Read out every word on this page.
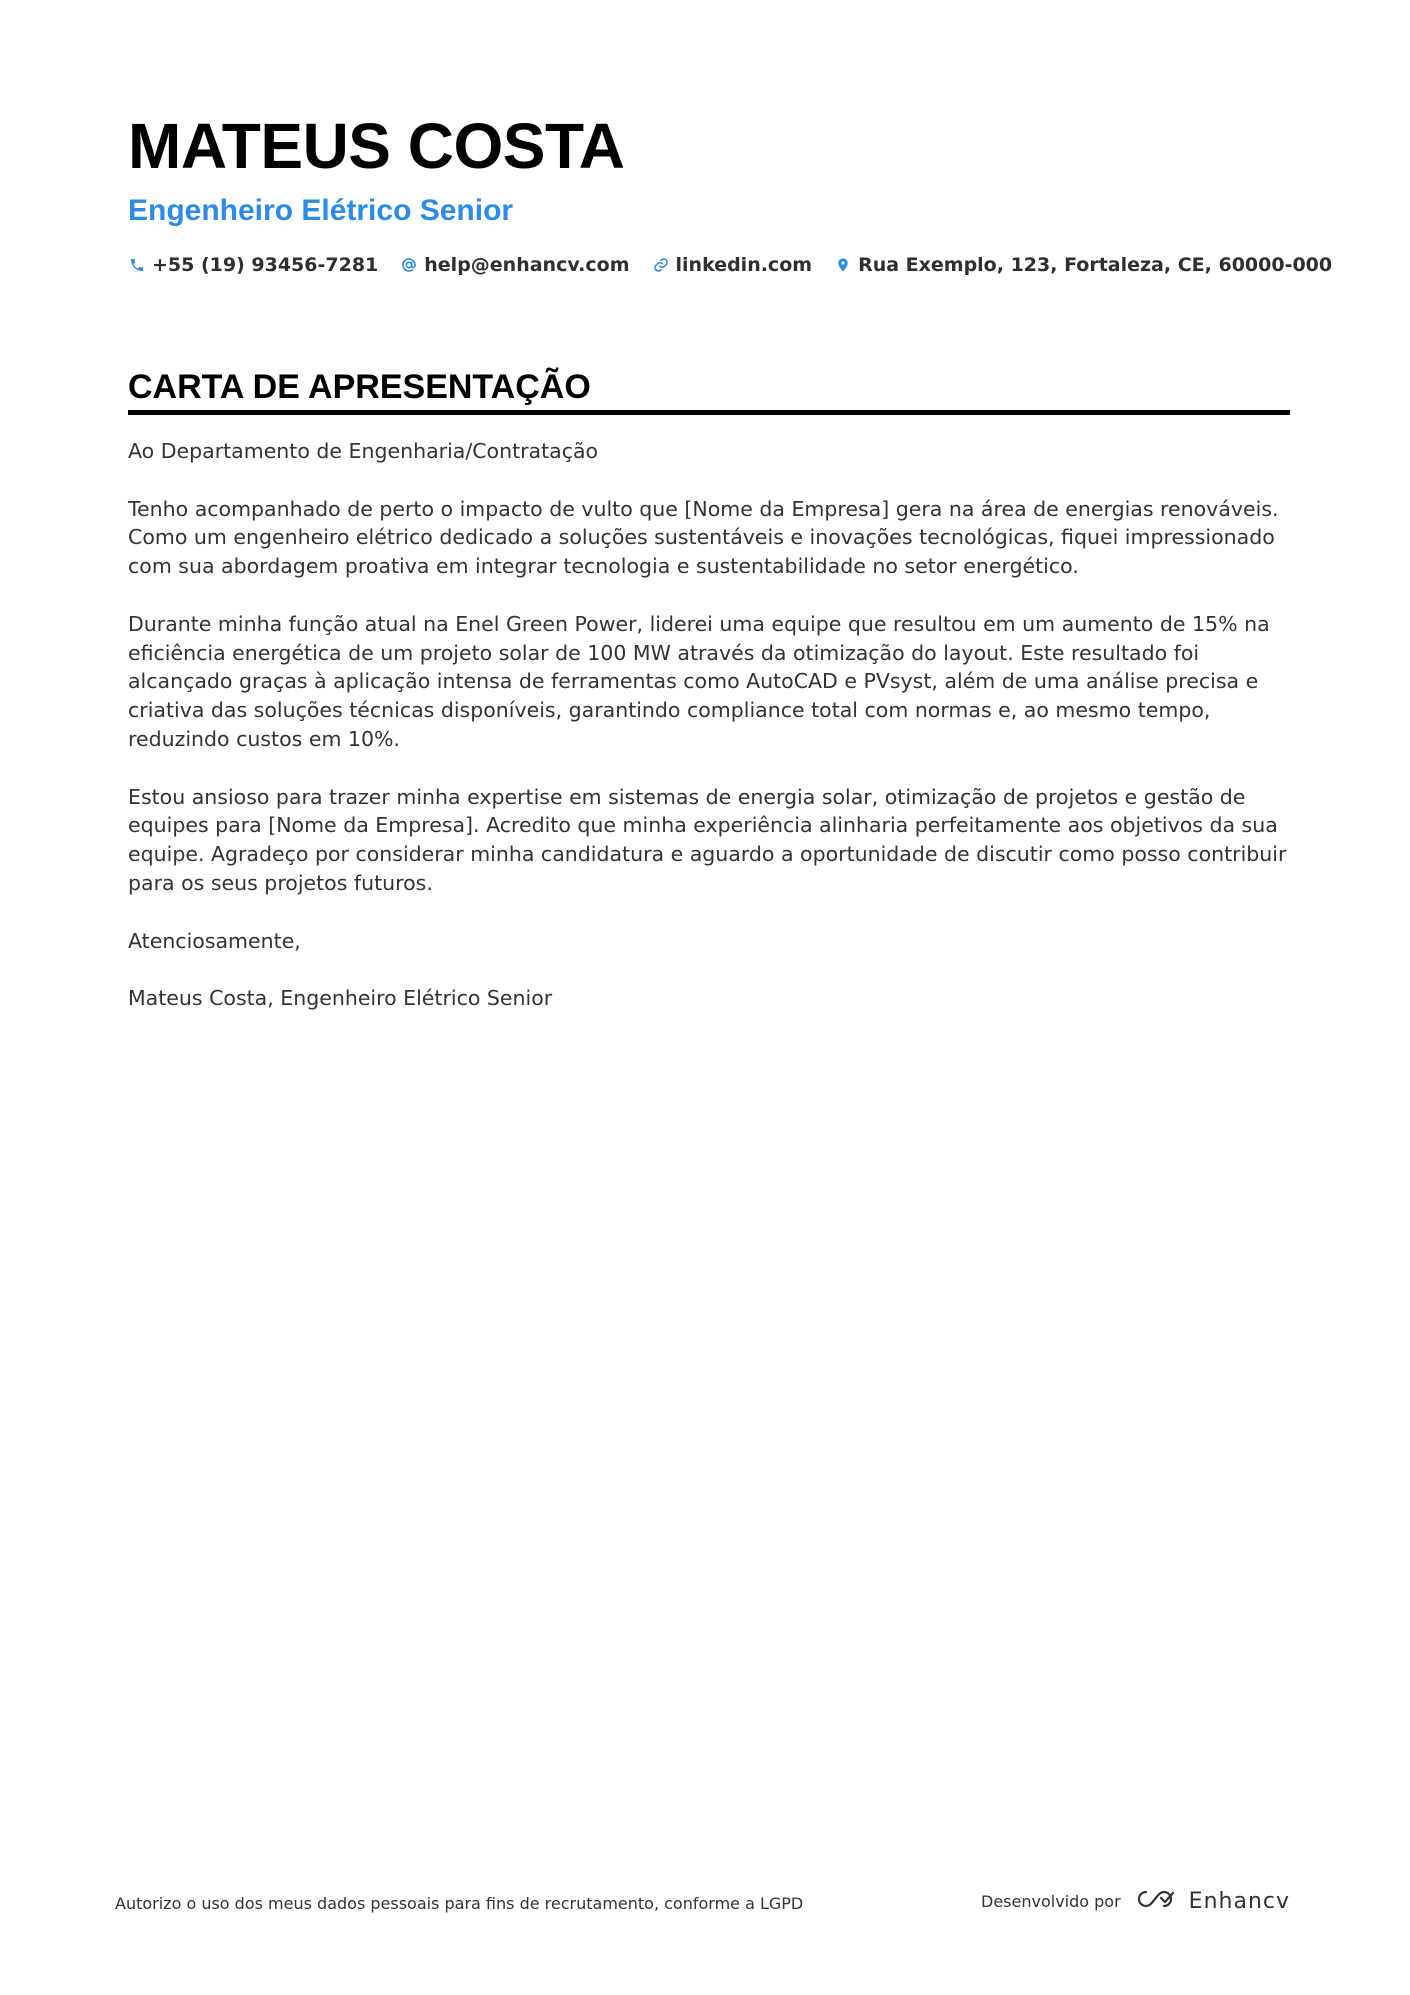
MATEUS COSTA
Engenheiro Elétrico Senior
+55 (19) 93456-7281 help@enhancv.com linkedin.com Rua Exemplo, 123, Fortaleza, CE, 60000-000
CARTA DE APRESENTAÇÃO

Ao Departamento de Engenharia/Contratação

Tenho acompanhado de perto o impacto de vulto que [Nome da Empresa] gera na área de energias renováveis. Como um engenheiro elétrico dedicado a soluções sustentáveis e inovações tecnológicas, fiquei impressionado com sua abordagem proativa em integrar tecnologia e sustentabilidade no setor energético.

Durante minha função atual na Enel Green Power, liderei uma equipe que resultou em um aumento de 15% na eficiência energética de um projeto solar de 100 MW através da otimização do layout. Este resultado foi alcançado graças à aplicação intensa de ferramentas como AutoCAD e PVsyst, além de uma análise precisa e criativa das soluções técnicas disponíveis, garantindo compliance total com normas e, ao mesmo tempo, reduzindo custos em 10%.

Estou ansioso para trazer minha expertise em sistemas de energia solar, otimização de projetos e gestão de equipes para [Nome da Empresa]. Acredito que minha experiência alinharia perfeitamente aos objetivos da sua equipe. Agradeço por considerar minha candidatura e aguardo a oportunidade de discutir como posso contribuir para os seus projetos futuros.

Atenciosamente,

Mateus Costa, Engenheiro Elétrico Senior

Autorizo o uso dos meus dados pessoais para fins de recrutamento, conforme a LGPD	Desenvolvido por	Enhancv
